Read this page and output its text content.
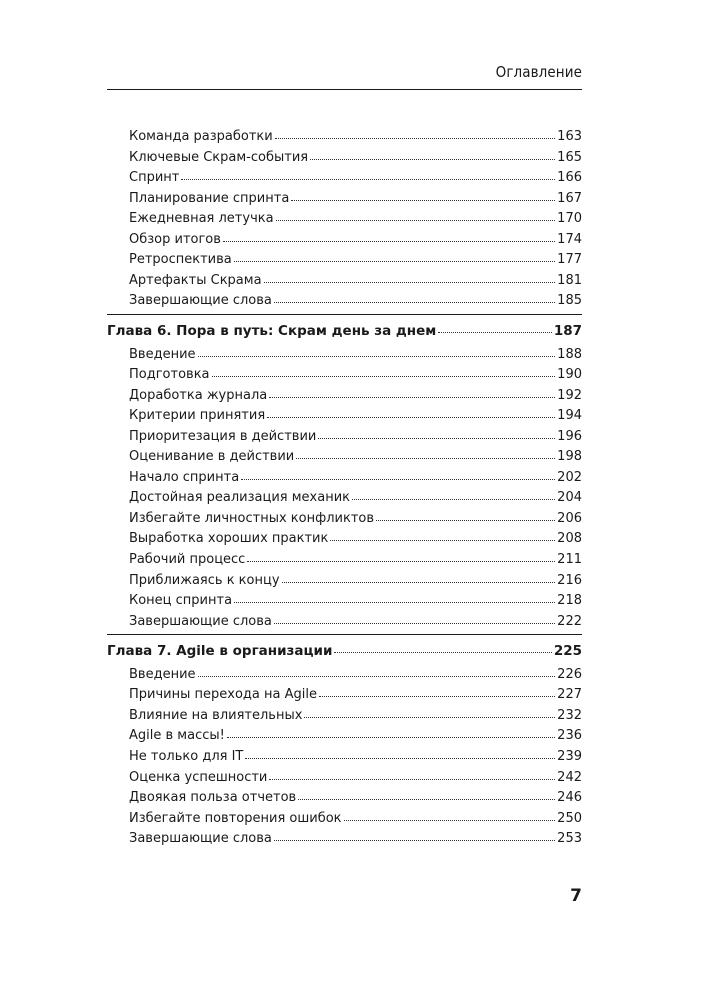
Оглавление
Команда разработки	163
Ключевые Скрам-события	165
Спринт	166
Планирование спринта	167
Ежедневная летучка	170
Обзор итогов	174
Ретроспектива	177
Артефакты Скрама	181
Завершающие слова	185
Глава 6. Пора в путь: Скрам день за днем	187
Введение	188
Подготовка	190
Доработка журнала	192
Критерии принятия	194
Приоритезация в действии	196
Оценивание в действии	198
Начало спринта	202
Достойная реализация механик	204
Избегайте личностных конфликтов	206
Выработка хороших практик	208
Рабочий процесс	211
Приближаясь к концу	216
Конец спринта	218
Завершающие слова	222
Глава 7. Agile в организации	225
Введение	226
Причины перехода на Agile	227
Влияние на влиятельных	232
Agile в массы!	236
Не только для IT	239
Оценка успешности	242
Двоякая польза отчетов	246
Избегайте повторения ошибок	250
Завершающие слова	253
7
